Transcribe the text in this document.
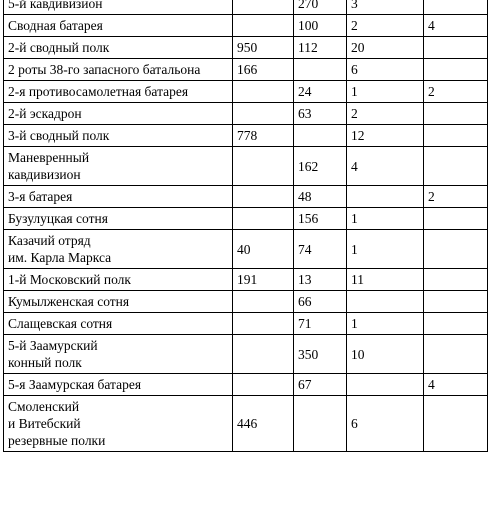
5-й кавдивизион		270	3	
Сводная батарея		100	2	4
2-й сводный полк	950	112	20	
2 роты 38-го запасного батальона	166		6	
2-я противосамолетная батарея		24	1	2
2-й эскадрон		63	2	
3-й сводный полк	778		12	
Маневренный
кавдивизион		162	4	
3-я батарея		48		2
Бузулуцкая сотня		156	1	
Казачий отряд
им. Карла Маркса	40	74	1	
1-й Московский полк	191	13	11	
Кумылженская сотня		66		
Слащевская сотня		71	1	
5-й Заамурский
конный полк		350	10	
5-я Заамурская батарея		67		4
Смоленский
и Витебский
резервные полки	446		6	
